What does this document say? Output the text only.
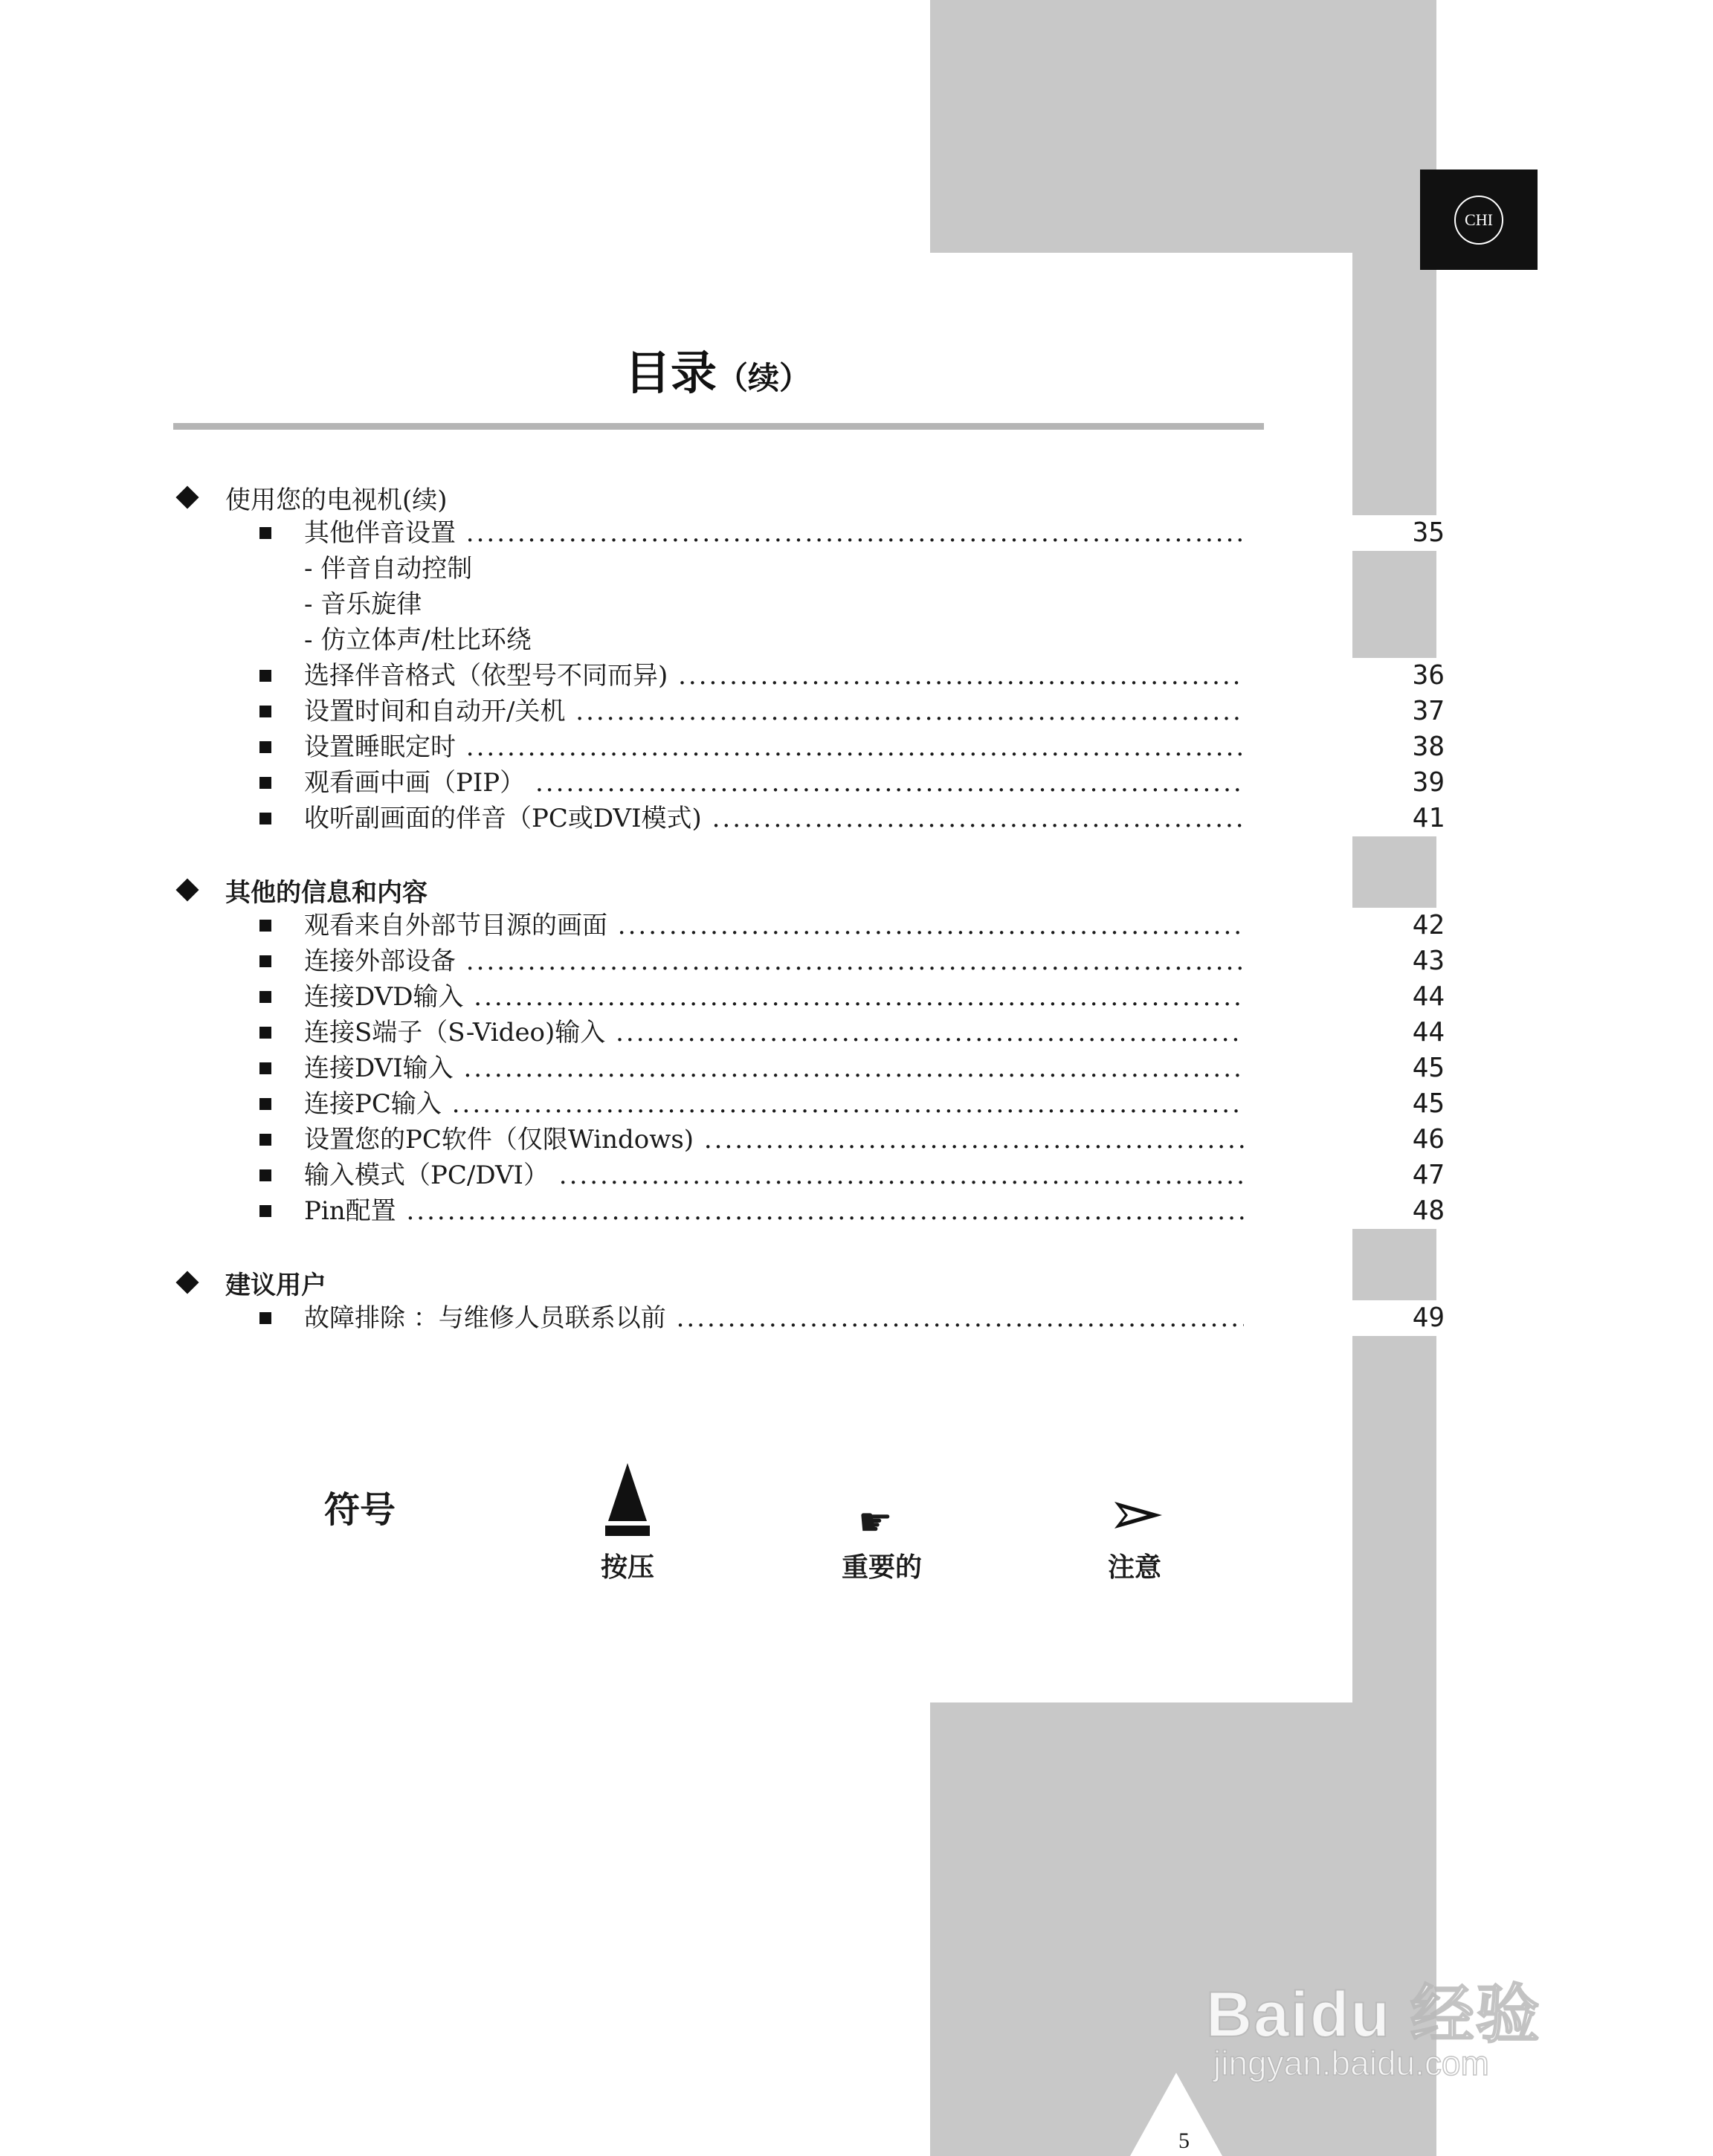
CHI
目录（续）
使用您的电视机(续)
其他伴音设置 .....	35
- 伴音自动控制
- 音乐旋律
- 仿立体声/杜比环绕
选择伴音格式（依型号不同而异) .....	36
设置时间和自动开/关机 .....	37
设置睡眠定时 .....	38
观看画中画（PIP） .....	39
收听副画面的伴音（PC或DVI模式) .....	41
其他的信息和内容
观看来自外部节目源的画面 .....	42
连接外部设备 .....	43
连接DVD输入 .....	44
连接S端子（S-Video)输入 .....	44
连接DVI输入 .....	45
连接PC输入 .....	45
设置您的PC软件（仅限Windows) .....	46
输入模式（PC/DVI） .....	47
Pin配置 .....	48
建议用户
故障排除 ：与维修人员联系以前 .....	49
符号
按压
☛
重要的	注意
5
Baidu 经验
jingyan.baidu.com
